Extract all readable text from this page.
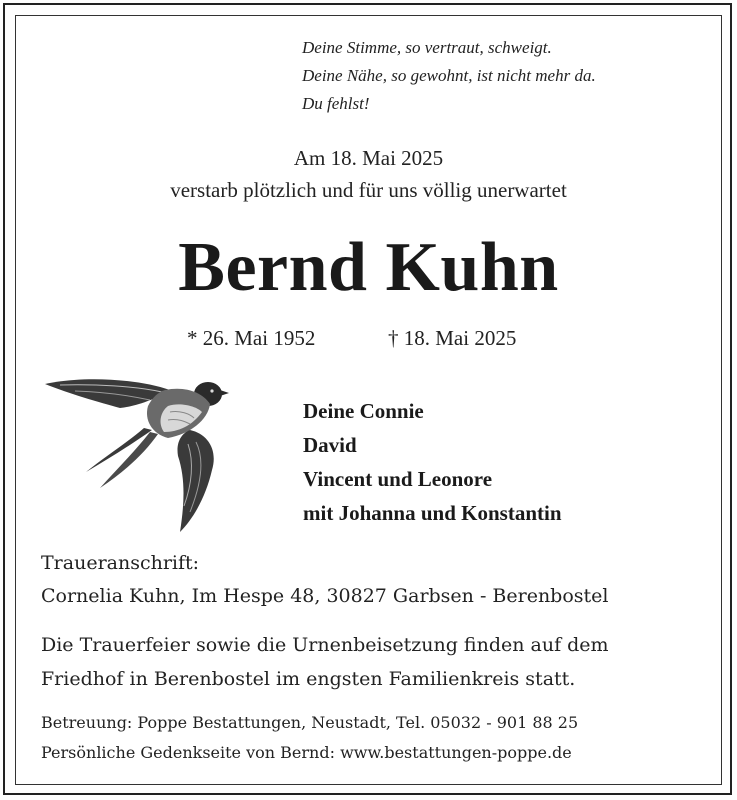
Deine Stimme, so vertraut, schweigt.
Deine Nähe, so gewohnt, ist nicht mehr da.
Du fehlst!
Am 18. Mai 2025
verstarb plötzlich und für uns völlig unerwartet
Bernd Kuhn
* 26. Mai 1952	† 18. Mai 2025
Deine Connie
David
Vincent und Leonore
mit Johanna und Konstantin
Traueranschrift:
Cornelia Kuhn, Im Hespe 48, 30827 Garbsen - Berenbostel
Die Trauerfeier sowie die Urnenbeisetzung finden auf dem
Friedhof in Berenbostel im engsten Familienkreis statt.
Betreuung: Poppe Bestattungen, Neustadt, Tel. 05032 - 901 88 25
Persönliche Gedenkseite von Bernd: www.bestattungen-poppe.de
